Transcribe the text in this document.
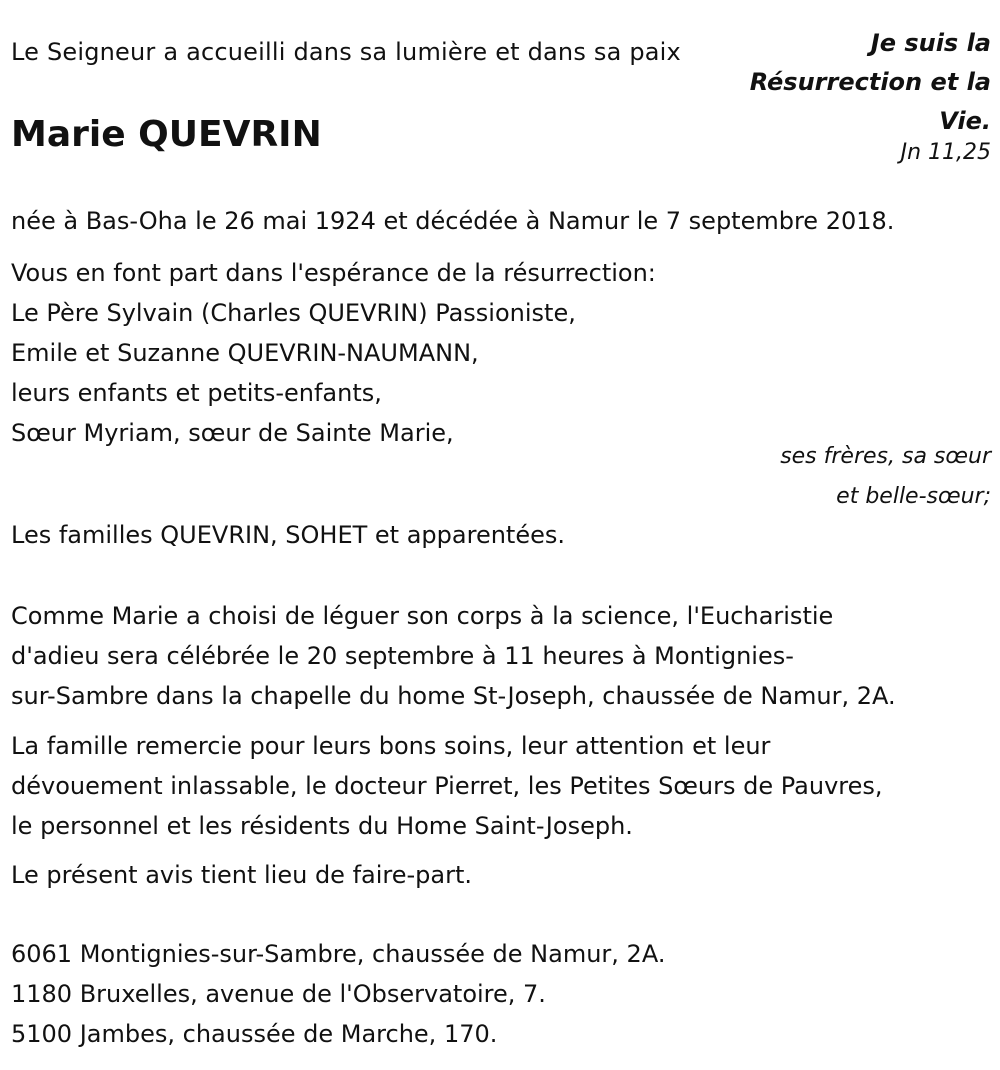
Le Seigneur a accueilli dans sa lumière et dans sa paix
Marie QUEVRIN
Je suis la Résurrection et la Vie.
Jn 11,25
née à Bas-Oha le 26 mai 1924 et décédée à Namur le 7 septembre 2018.
Vous en font part dans l'espérance de la résurrection:
Le Père Sylvain (Charles QUEVRIN) Passioniste,
Emile et Suzanne QUEVRIN-NAUMANN,
leurs enfants et petits-enfants,
Sœur Myriam, sœur de Sainte Marie,
ses frères, sa sœur
et belle-sœur;
Les familles QUEVRIN, SOHET et apparentées.
Comme Marie a choisi de léguer son corps à la science, l'Eucharistie
d'adieu sera célébrée le 20 septembre à 11 heures à Montignies-
sur-Sambre dans la chapelle du home St-Joseph, chaussée de Namur, 2A.
La famille remercie pour leurs bons soins, leur attention et leur
dévouement inlassable, le docteur Pierret, les Petites Sœurs de Pauvres,
le personnel et les résidents du Home Saint-Joseph.
Le présent avis tient lieu de faire-part.
6061 Montignies-sur-Sambre, chaussée de Namur, 2A.
1180 Bruxelles, avenue de l'Observatoire, 7.
5100 Jambes, chaussée de Marche, 170.
